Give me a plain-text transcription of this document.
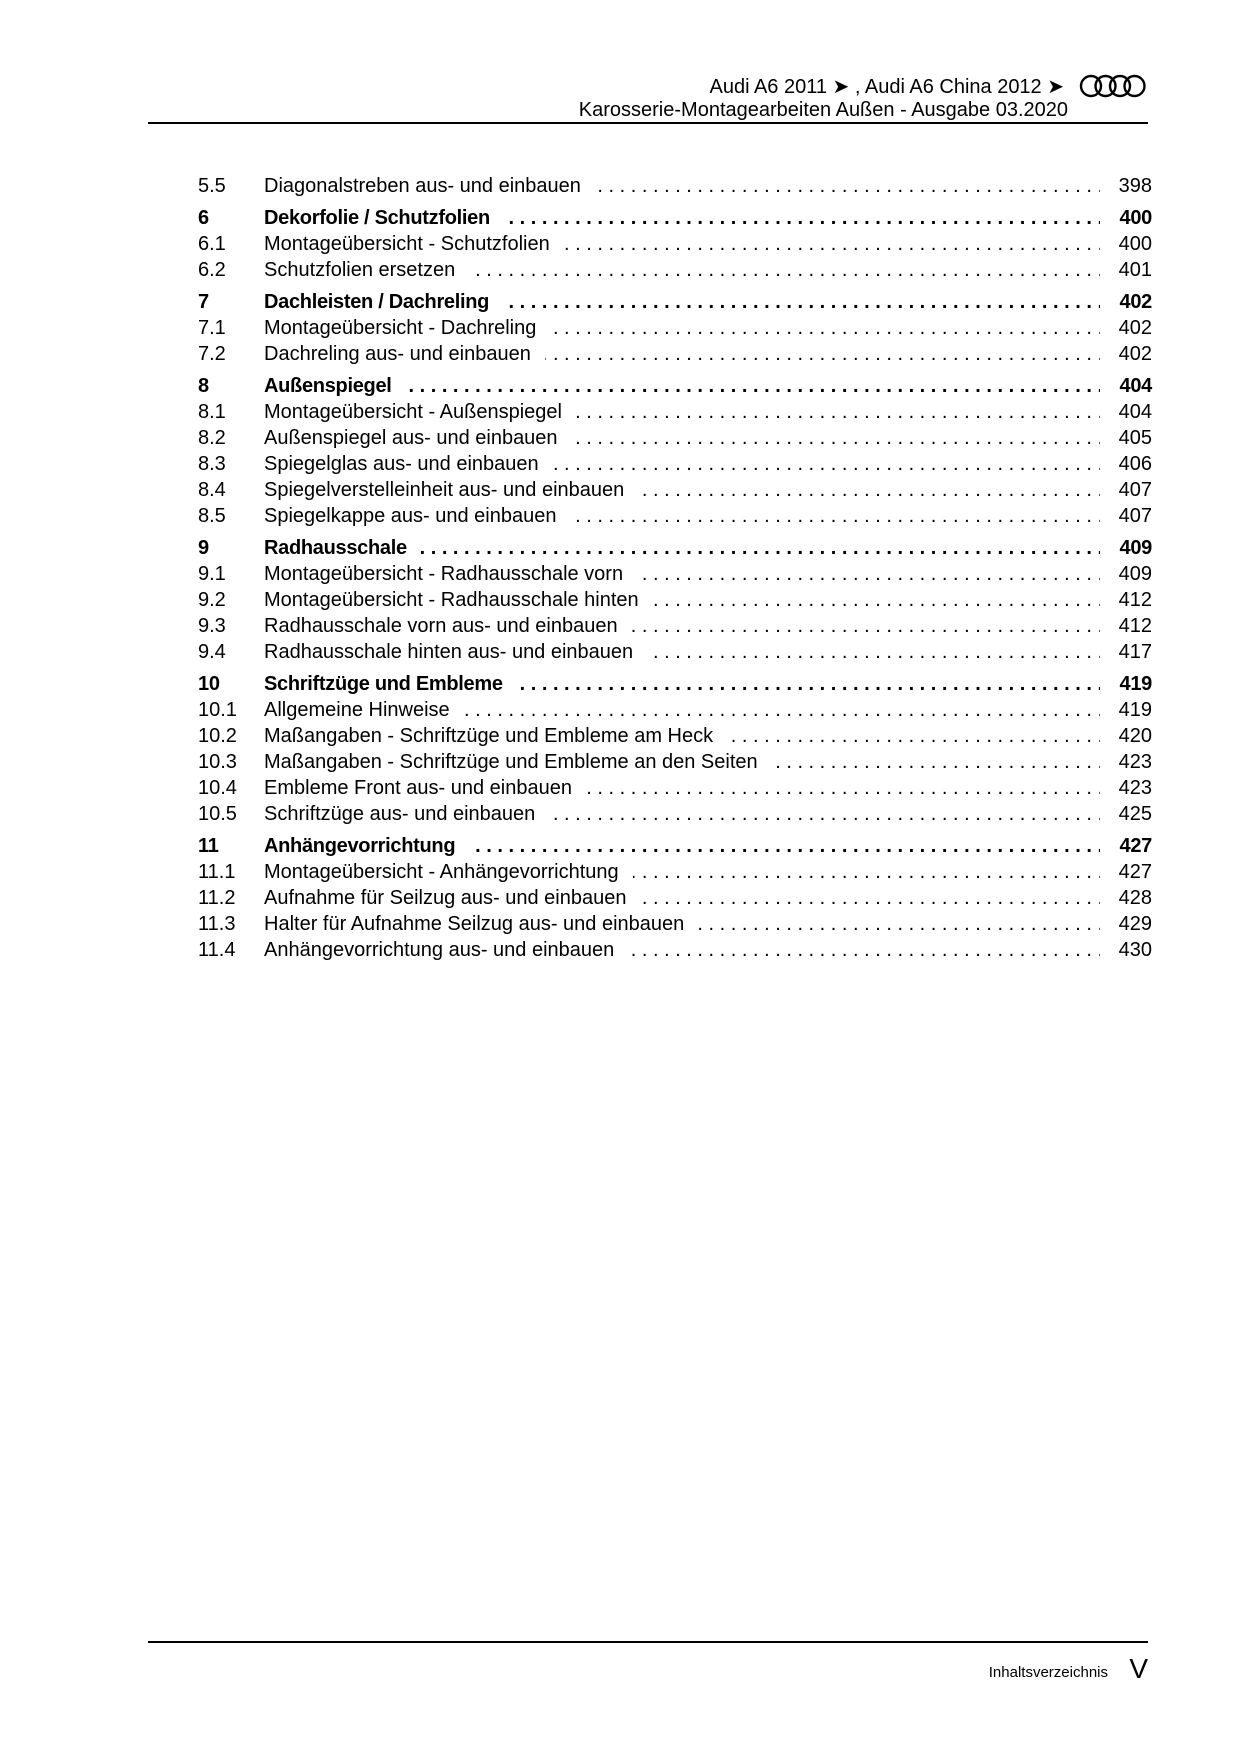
Audi A6 2011 ➤ , Audi A6 China 2012 ➤
Karosserie-Montagearbeiten Außen - Ausgabe 03.2020
5.5	Diagonalstreben aus- und einbauen . . .	398
6	Dekorfolie / Schutzfolien . . .	400
6.1	Montageübersicht - Schutzfolien . . .	400
6.2	Schutzfolien ersetzen . . .	401
7	Dachleisten / Dachreling . . .	402
7.1	Montageübersicht - Dachreling . . .	402
7.2	Dachreling aus- und einbauen . . .	402
8	Außenspiegel . . .	404
8.1	Montageübersicht - Außenspiegel . . .	404
8.2	Außenspiegel aus- und einbauen . . .	405
8.3	Spiegelglas aus- und einbauen . . .	406
8.4	Spiegelverstelleinheit aus- und einbauen . . .	407
8.5	Spiegelkappe aus- und einbauen . . .	407
9	Radhausschale . . .	409
9.1	Montageübersicht - Radhausschale vorn . . .	409
9.2	Montageübersicht - Radhausschale hinten . . .	412
9.3	Radhausschale vorn aus- und einbauen . . .	412
9.4	Radhausschale hinten aus- und einbauen . . .	417
10	Schriftzüge und Embleme . . .	419
10.1	Allgemeine Hinweise . . .	419
10.2	Maßangaben - Schriftzüge und Embleme am Heck . . .	420
10.3	Maßangaben - Schriftzüge und Embleme an den Seiten . . .	423
10.4	Embleme Front aus- und einbauen . . .	423
10.5	Schriftzüge aus- und einbauen . . .	425
11	Anhängevorrichtung . . .	427
11.1	Montageübersicht - Anhängevorrichtung . . .	427
11.2	Aufnahme für Seilzug aus- und einbauen . . .	428
11.3	Halter für Aufnahme Seilzug aus- und einbauen . . .	429
11.4	Anhängevorrichtung aus- und einbauen . . .	430
Inhaltsverzeichnis V
